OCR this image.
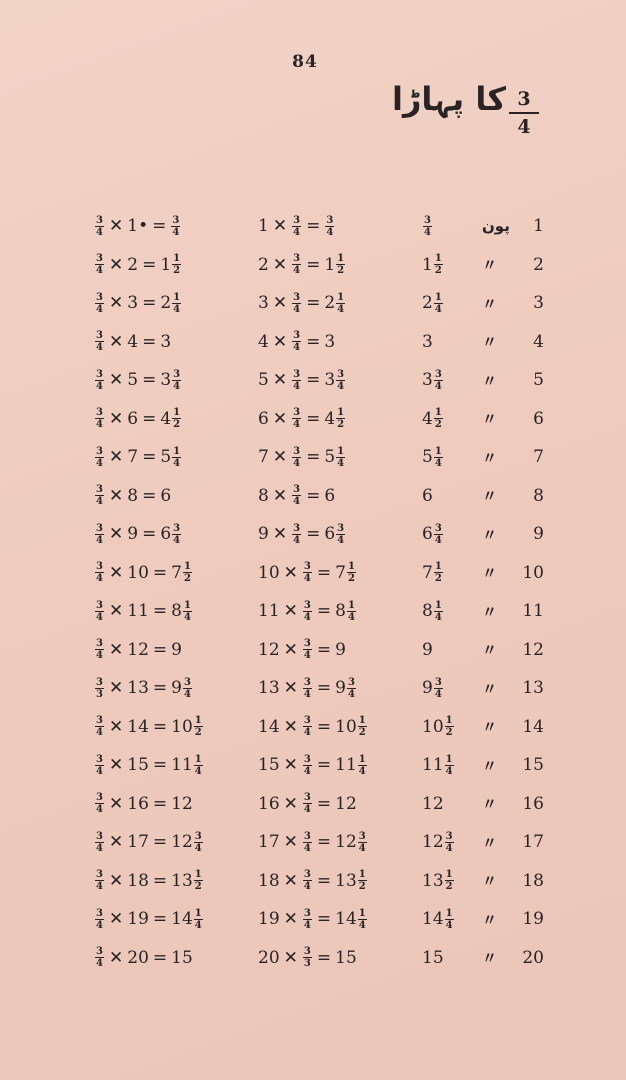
84
کا پہاڑا 3
4
$\frac{3}{4}$ ✕ 1• = $\frac{3}{4}$	1 ✕ $\frac{3}{4} = \frac{3}{4}$	$\frac{3}{4}$	پون	1
$\frac{3}{4}$ ✕ $2 = 1 \frac{1}{2}$	2 ✕ $\frac{3}{4} = 1 \frac{1}{2}$	$1 \frac{1}{2}$	〃	2
$\frac{3}{4}$ ✕ $3 = 2 \frac{1}{4}$	3 ✕ $\frac{3}{4} = 2 \frac{1}{4}$	$2 \frac{1}{4}$	〃	3
$\frac{3}{4}$ ✕ 4 = 3	4 ✕ $\frac{3}{4} = 3$	3	〃	4
$\frac{3}{4}$ ✕ $5 = 3 \frac{3}{4}$	5 ✕ $\frac{3}{4} = 3 \frac{3}{4}$	$3 \frac{3}{4}$	〃	5
$\frac{3}{4}$ ✕ $6 = 4 \frac{1}{2}$	6 ✕ $\frac{3}{4} = 4 \frac{1}{2}$	$4 \frac{1}{2}$	〃	6
$\frac{3}{4}$ ✕ $7 = 5 \frac{1}{4}$	7 ✕ $\frac{3}{4} = 5 \frac{1}{4}$	$5 \frac{1}{4}$	〃	7
$\frac{3}{4}$ ✕ 8 = 6	8 ✕ $\frac{3}{4} = 6$	6	〃	8
$\frac{3}{4}$ ✕ $9 = 6 \frac{3}{4}$	9 ✕ $\frac{3}{4} = 6 \frac{3}{4}$	$6 \frac{3}{4}$	〃	9
$\frac{3}{4}$ ✕ $10 = 7 \frac{1}{2}$	10 ✕ $\frac{3}{4} = 7 \frac{1}{2}$	$7 \frac{1}{2}$	〃	10
$\frac{3}{4}$ ✕ $11 = 8 \frac{1}{4}$	11 ✕ $\frac{3}{4} = 8 \frac{1}{4}$	$8 \frac{1}{4}$	〃	11
$\frac{3}{4}$ ✕ 12 = 9	12 ✕ $\frac{3}{4} = 9$	9	〃	12
$\frac{3}{3}$ ✕ $13 = 9 \frac{3}{4}$	13 ✕ $\frac{3}{4} = 9 \frac{3}{4}$	$9 \frac{3}{4}$	〃	13
$\frac{3}{4}$ ✕ $14 = 10 \frac{1}{2}$	14 ✕ $\frac{3}{4} = 10 \frac{1}{2}$	$10 \frac{1}{2}$ 〃	14
$\frac{3}{4}$ ✕ $15 = 11 \frac{1}{4}$	15 ✕ $\frac{3}{4} = 11 \frac{1}{4}$	$11 \frac{1}{4}$ 〃	15
$\frac{3}{4}$ ✕ 16 = 12	16 ✕ $\frac{3}{4} = 12$	12	〃	16
$\frac{3}{4}$ ✕ $17 = 12 \frac{3}{4}$	17 ✕ $\frac{3}{4} = 12 \frac{3}{4}$	$12 \frac{3}{4}$ 〃	17
$\frac{3}{4}$ ✕ $18 = 13 \frac{1}{2}$	18 ✕ $\frac{3}{4} = 13 \frac{1}{2}$	$13 \frac{1}{2}$ 〃	18
$\frac{3}{4}$ ✕ $19 = 14 \frac{1}{4}$	19 ✕ $\frac{3}{4} = 14 \frac{1}{4}$	$14 \frac{1}{4}$ 〃	19
$\frac{3}{4}$ ✕ 20 = 15	20 ✕ $\frac{3}{3} = 15$	15	〃	20
